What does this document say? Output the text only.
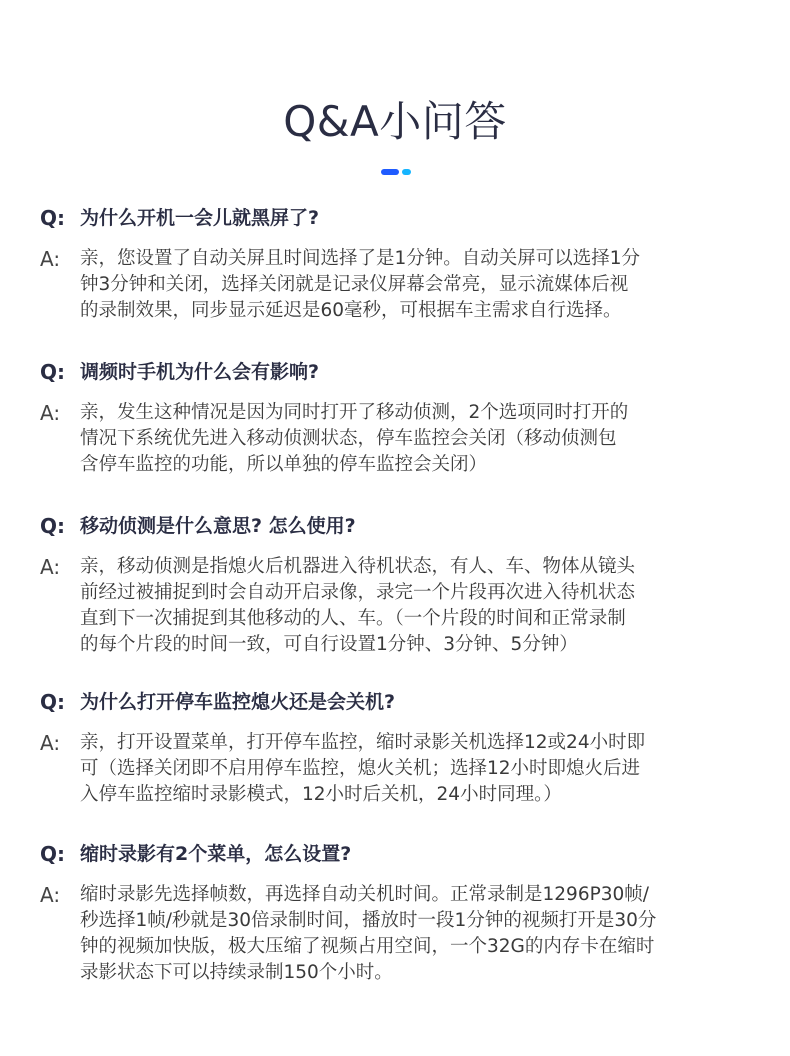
Q&A小问答
Q: 为什么开机一会儿就黑屏了?
A: 亲，您设置了自动关屏且时间选择了是1分钟。自动关屏可以选择1分
钟3分钟和关闭，选择关闭就是记录仪屏幕会常亮，显示流媒体后视
的录制效果，同步显示延迟是60毫秒，可根据车主需求自行选择。
Q: 调频时手机为什么会有影响?
A: 亲，发生这种情况是因为同时打开了移动侦测，2个选项同时打开的
情况下系统优先进入移动侦测状态，停车监控会关闭（移动侦测包
含停车监控的功能，所以单独的停车监控会关闭）
Q: 移动侦测是什么意思? 怎么使用?
A: 亲，移动侦测是指熄火后机器进入待机状态，有人、车、物体从镜头
前经过被捕捉到时会自动开启录像，录完一个片段再次进入待机状态
直到下一次捕捉到其他移动的人、车。（一个片段的时间和正常录制
的每个片段的时间一致，可自行设置1分钟、3分钟、5分钟）
Q: 为什么打开停车监控熄火还是会关机?
A: 亲，打开设置菜单，打开停车监控，缩时录影关机选择12或24小时即
可（选择关闭即不启用停车监控，熄火关机；选择12小时即熄火后进
入停车监控缩时录影模式，12小时后关机，24小时同理。）
Q: 缩时录影有2个菜单，怎么设置?
A: 缩时录影先选择帧数，再选择自动关机时间。正常录制是1296P30帧/
秒选择1帧/秒就是30倍录制时间，播放时一段1分钟的视频打开是30分
钟的视频加快版，极大压缩了视频占用空间，一个32G的内存卡在缩时
录影状态下可以持续录制150个小时。
